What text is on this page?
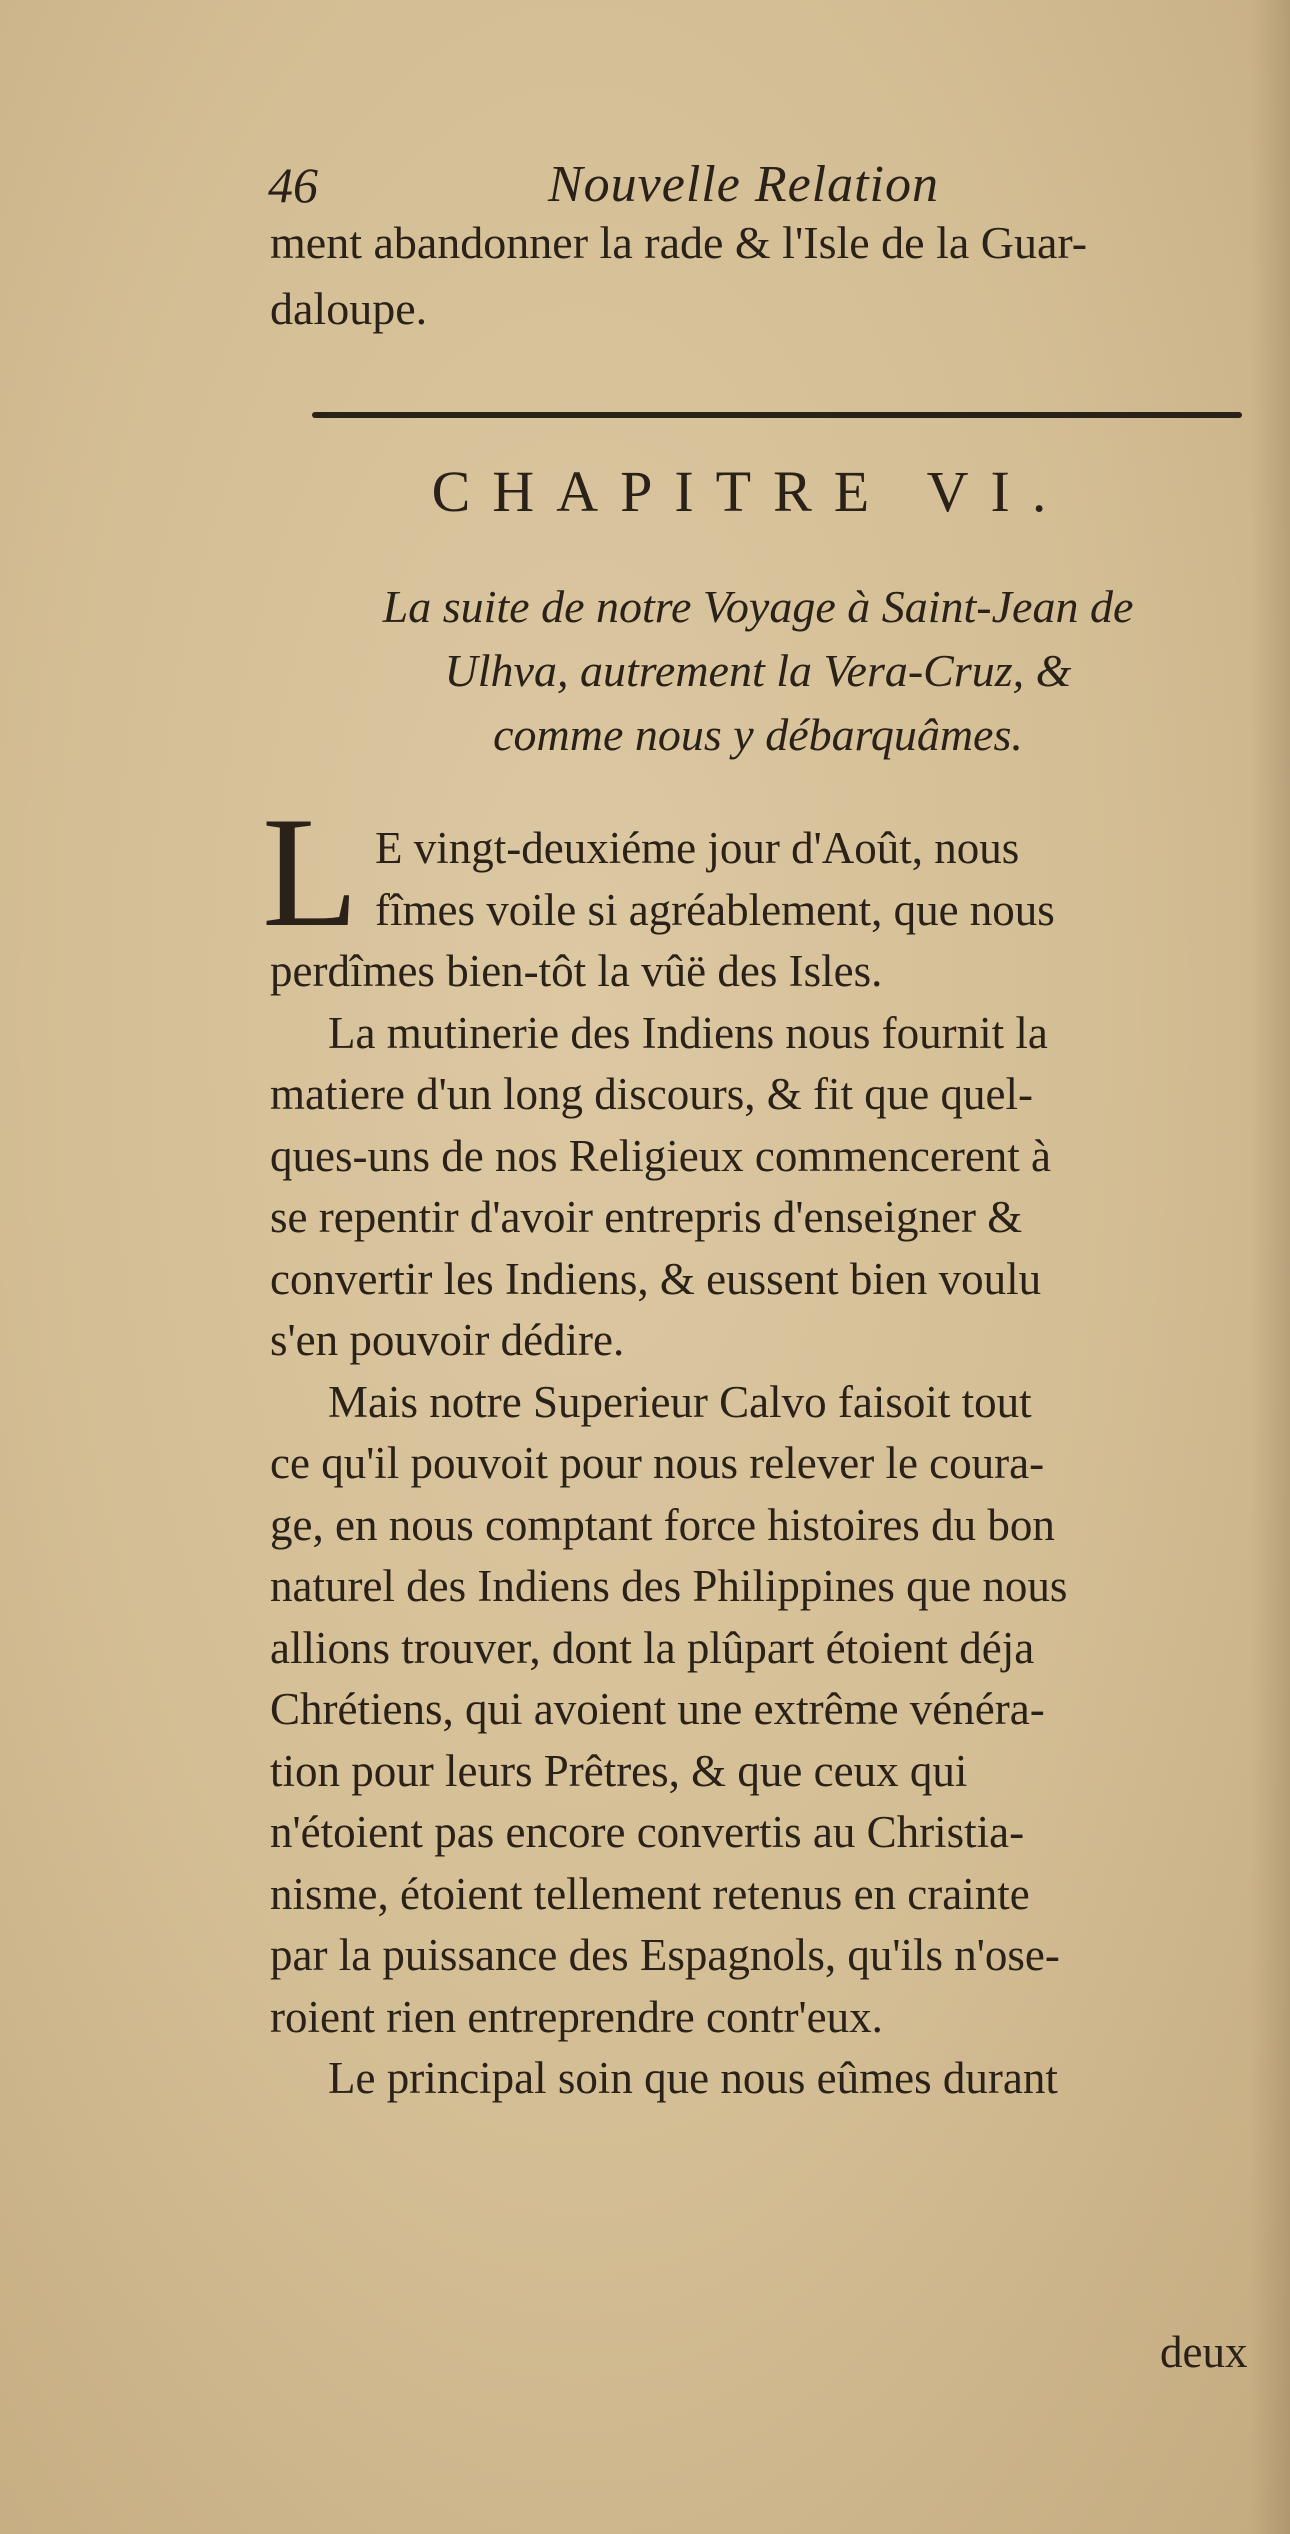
46	Nouvelle Relation
ment abandonner la rade & l'Isle de la Guar-
daloupe.
CHAPITRE VI.
La suite de notre Voyage à Saint-Jean de
Ulhva, autrement la Vera-Cruz, &
comme nous y débarquâmes.
L E vingt-deuxiéme jour d'Août, nous
fîmes voile si agréablement, que nous

perdîmes bien-tôt la vûë des Isles.
La mutinerie des Indiens nous fournit la
matiere d'un long discours, & fit que quel-
ques-uns de nos Religieux commencerent à
se repentir d'avoir entrepris d'enseigner &
convertir les Indiens, & eussent bien voulu
s'en pouvoir dédire.
Mais notre Superieur Calvo faisoit tout
ce qu'il pouvoit pour nous relever le coura-
ge, en nous comptant force histoires du bon
naturel des Indiens des Philippines que nous
allions trouver, dont la plûpart étoient déja
Chrétiens, qui avoient une extrême vénéra-
tion pour leurs Prêtres, & que ceux qui
n'étoient pas encore convertis au Christia-
nisme, étoient tellement retenus en crainte
par la puissance des Espagnols, qu'ils n'ose-
roient rien entreprendre contr'eux.
Le principal soin que nous eûmes durant
deux
